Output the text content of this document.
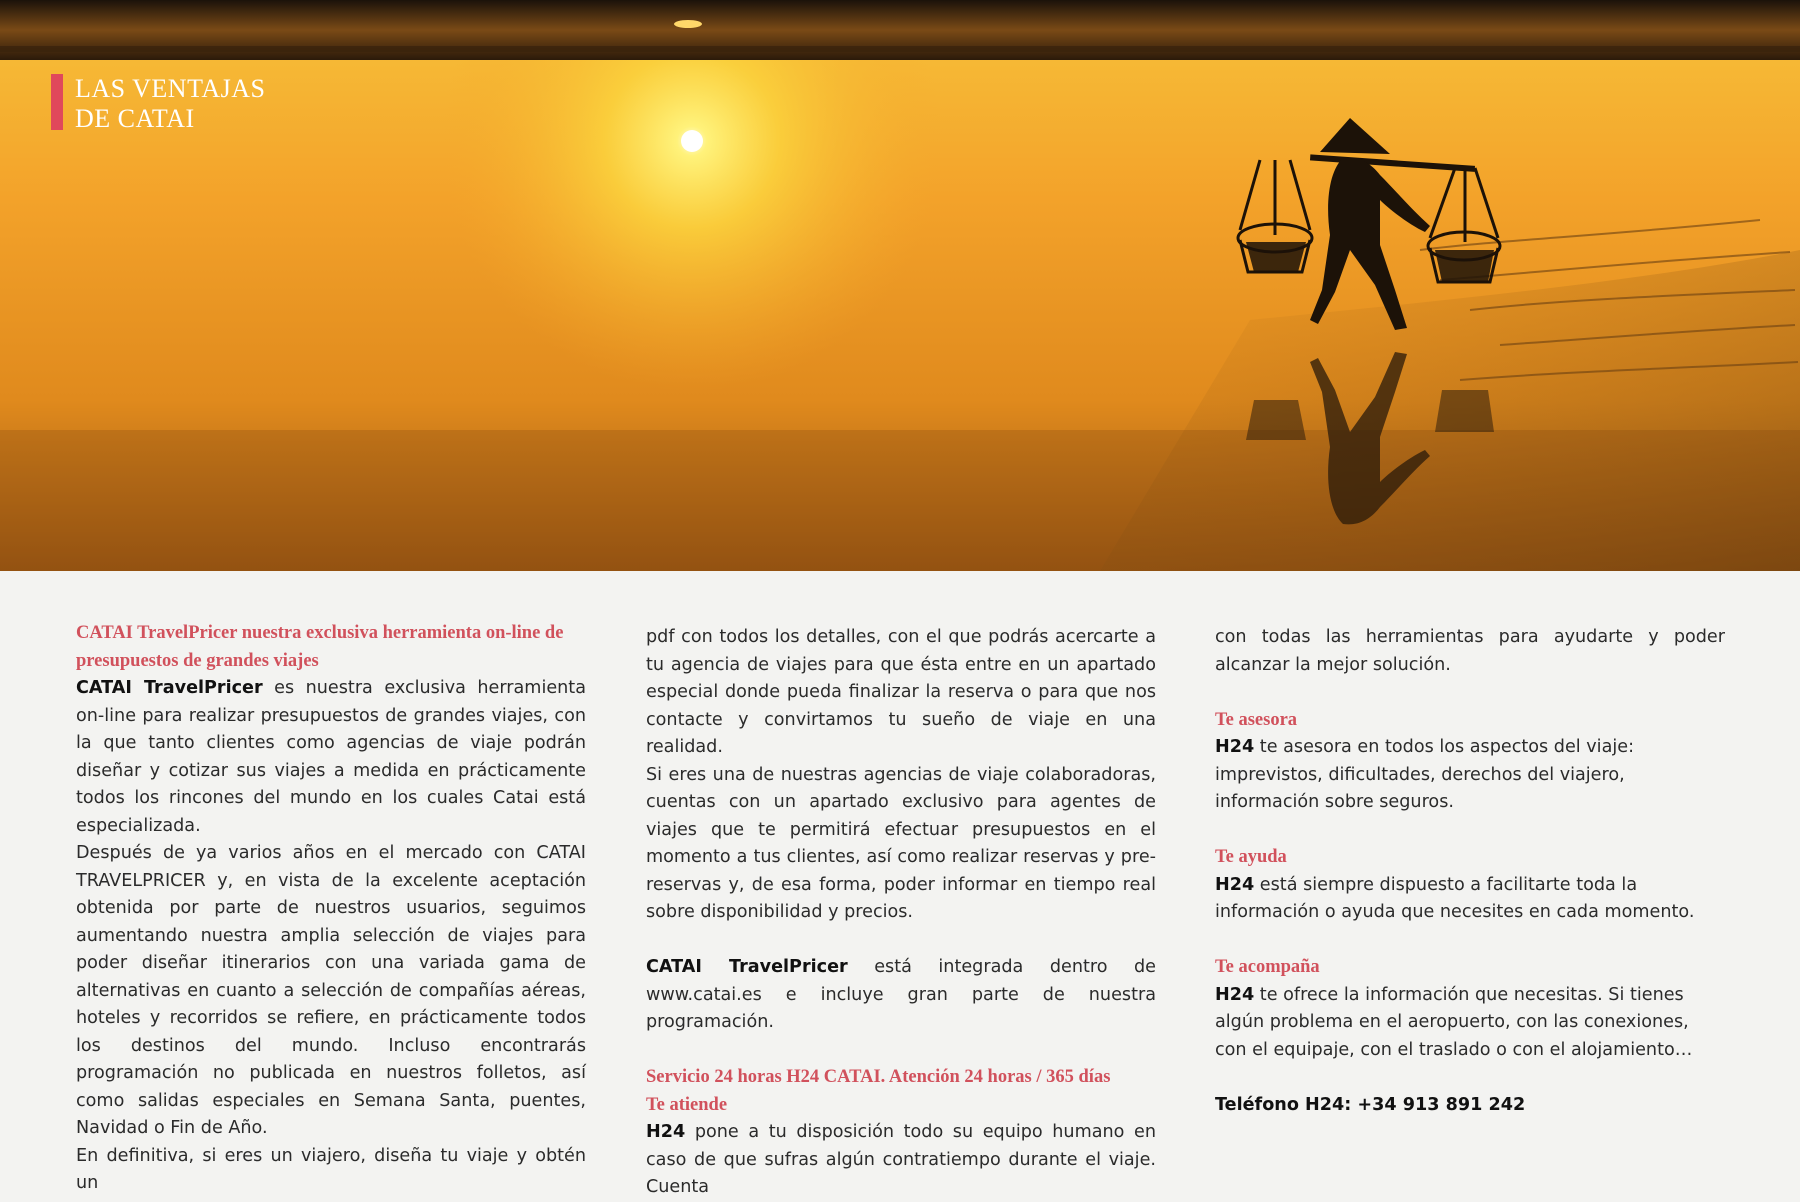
LAS VENTAJAS
DE CATAI

CATAI TravelPricer nuestra exclusiva herramienta on-line de presupuestos de grandes viajes

CATAI TravelPricer es nuestra exclusiva herramienta on-line para realizar presupuestos de grandes viajes, con la que tanto clientes como agencias de viaje podrán diseñar y cotizar sus viajes a medida en prácticamente todos los rincones del mundo en los cuales Catai está especializada.

Después de ya varios años en el mercado con CATAI TRAVELPRICER y, en vista de la excelente aceptación obtenida por parte de nuestros usuarios, seguimos aumentando nuestra amplia selección de viajes para poder diseñar itinerarios con una variada gama de alternativas en cuanto a selección de compañías aéreas, hoteles y recorridos se refiere, en prácticamente todos los destinos del mundo. Incluso encontrarás programación no publicada en nuestros folletos, así como salidas especiales en Semana Santa, puentes, Navidad o Fin de Año.

En definitiva, si eres un viajero, diseña tu viaje y obtén un

pdf con todos los detalles, con el que podrás acercarte a tu agencia de viajes para que ésta entre en un apartado especial donde pueda finalizar la reserva o para que nos contacte y convirtamos tu sueño de viaje en una realidad.

Si eres una de nuestras agencias de viaje colaboradoras, cuentas con un apartado exclusivo para agentes de viajes que te permitirá efectuar presupuestos en el momento a tus clientes, así como realizar reservas y pre-reservas y, de esa forma, poder informar en tiempo real sobre disponibilidad y precios.

CATAI TravelPricer está integrada dentro de www.catai.es e incluye gran parte de nuestra programación.

Servicio 24 horas H24 CATAI. Atención 24 horas / 365 días

Te atiende

H24 pone a tu disposición todo su equipo humano en caso de que sufras algún contratiempo durante el viaje. Cuenta

con todas las herramientas para ayudarte y poder alcanzar la mejor solución.

Te asesora

H24 te asesora en todos los aspectos del viaje: imprevistos, dificultades, derechos del viajero, información sobre seguros.

Te ayuda

H24 está siempre dispuesto a facilitarte toda la información o ayuda que necesites en cada momento.

Te acompaña

H24 te ofrece la información que necesitas. Si tienes algún problema en el aeropuerto, con las conexiones, con el equipaje, con el traslado o con el alojamiento…

Teléfono H24: +34 913 891 242
